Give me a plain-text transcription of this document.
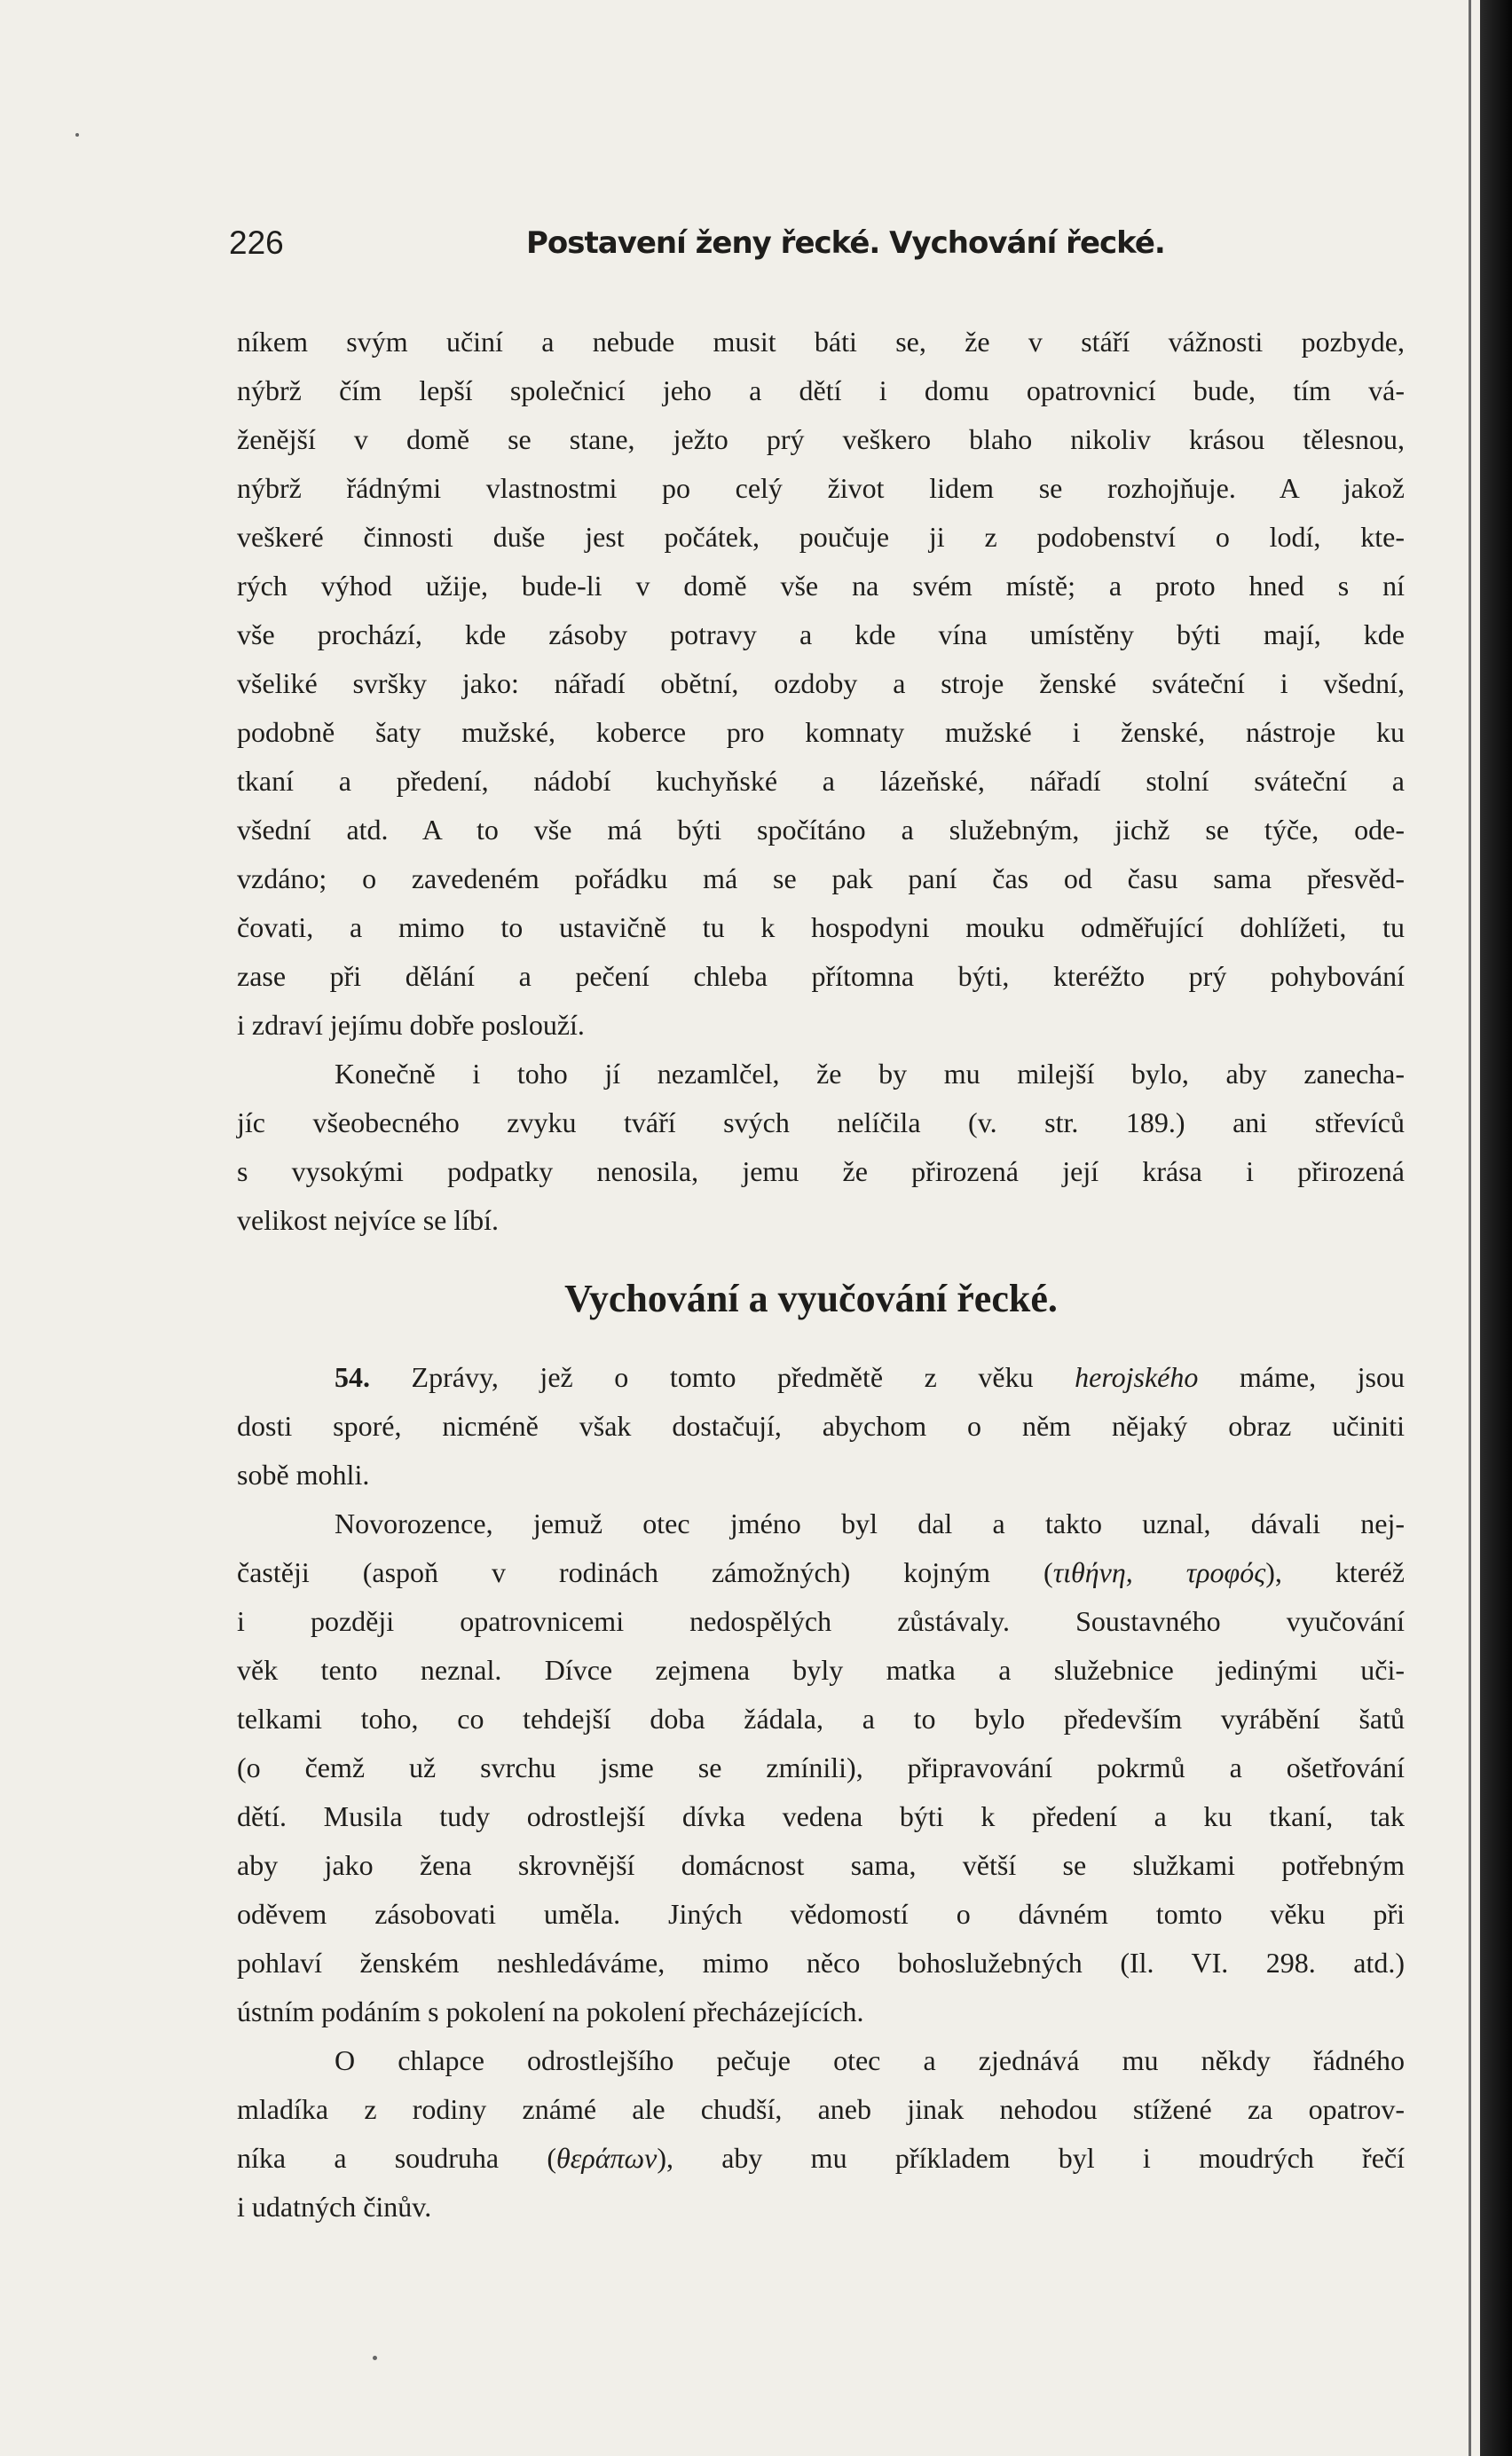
226	Postavení ženy řecké. Vychování řecké.
níkem svým učiní a nebude musit báti se, že v stáří vážnosti pozbyde,
nýbrž čím lepší společnicí jeho a dětí i domu opatrovnicí bude, tím vá-
ženější v domě se stane, ježto prý veškero blaho nikoliv krásou tělesnou,
nýbrž řádnými vlastnostmi po celý život lidem se rozhojňuje. A jakož
veškeré činnosti duše jest počátek, poučuje ji z podobenství o lodí, kte-
rých výhod užije, bude-li v domě vše na svém místě; a proto hned s ní
vše prochází, kde zásoby potravy a kde vína umístěny býti mají, kde
všeliké svršky jako: nářadí obětní, ozdoby a stroje ženské sváteční i všední,
podobně šaty mužské, koberce pro komnaty mužské i ženské, nástroje ku
tkaní a předení, nádobí kuchyňské a lázeňské, nářadí stolní sváteční a
všední atd. A to vše má býti spočítáno a služebným, jichž se týče, ode-
vzdáno; o zavedeném pořádku má se pak paní čas od času sama přesvěd-
čovati, a mimo to ustavičně tu k hospodyni mouku odměřující dohlížeti, tu
zase při dělání a pečení chleba přítomna býti, kteréžto prý pohybování
i zdraví jejímu dobře poslouží.
Konečně i toho jí nezamlčel, že by mu milejší bylo, aby zanecha-
jíc všeobecného zvyku tváří svých nelíčila (v. str. 189.) ani střevíců
s vysokými podpatky nenosila, jemu že přirozená její krása i přirozená
velikost nejvíce se líbí.
Vychování a vyučování řecké.
54. Zprávy, jež o tomto předmětě z věku herojského máme, jsou
dosti sporé, nicméně však dostačují, abychom o něm nějaký obraz učiniti
sobě mohli.
Novorozence, jemuž otec jméno byl dal a takto uznal, dávali nej-
častěji (aspoň v rodinách zámožných) kojným (τιθήνη, τροφός), kteréž
i později opatrovnicemi nedospělých zůstávaly. Soustavného vyučování
věk tento neznal. Dívce zejmena byly matka a služebnice jedinými uči-
telkami toho, co tehdejší doba žádala, a to bylo především vyrábění šatů
(o čemž už svrchu jsme se zmínili), připravování pokrmů a ošetřování
dětí. Musila tudy odrostlejší dívka vedena býti k předení a ku tkaní, tak
aby jako žena skrovnější domácnost sama, větší se služkami potřebným
oděvem zásobovati uměla. Jiných vědomostí o dávném tomto věku při
pohlaví ženském neshledáváme, mimo něco bohoslužebných (Il. VI. 298. atd.)
ústním podáním s pokolení na pokolení přecházejících.
O chlapce odrostlejšího pečuje otec a zjednává mu někdy řádného
mladíka z rodiny známé ale chudší, aneb jinak nehodou stížené za opatrov-
níka a soudruha (θεράπων), aby mu příkladem byl i moudrých řečí
i udatných činův.
